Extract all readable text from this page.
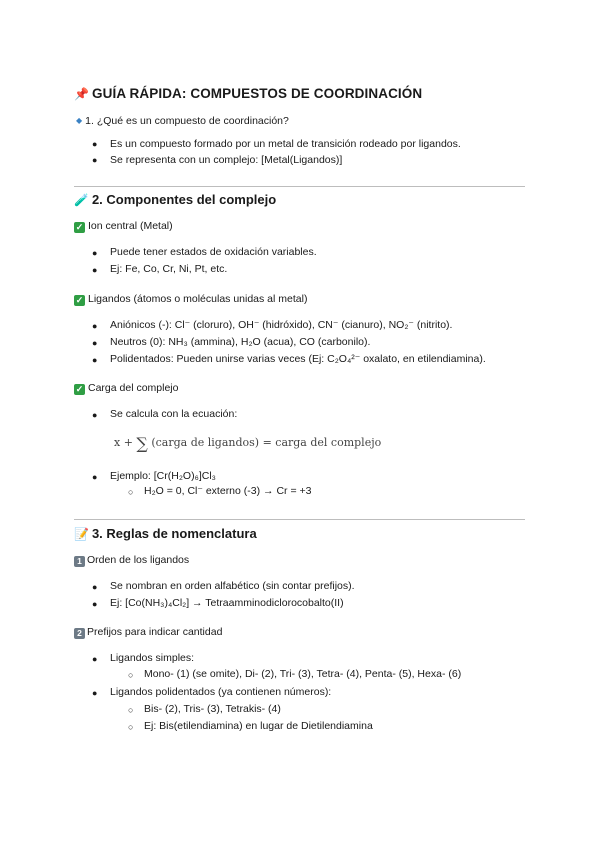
📌 GUÍA RÁPIDA: COMPUESTOS DE COORDINACIÓN
◆ 1. ¿Qué es un compuesto de coordinación?
● Es un compuesto formado por un metal de transición rodeado por ligandos.
● Se representa con un complejo: [Metal(Ligandos)]
🧪 2. Componentes del complejo
✓ Ion central (Metal)
● Puede tener estados de oxidación variables.
● Ej: Fe, Co, Cr, Ni, Pt, etc.
✓ Ligandos (átomos o moléculas unidas al metal)
● Aniónicos (-): Cl⁻ (cloruro), OH⁻ (hidróxido), CN⁻ (cianuro), NO₂⁻ (nitrito).
● Neutros (0): NH₃ (ammina), H₂O (acua), CO (carbonilo).
● Polidentados: Pueden unirse varias veces (Ej: C₂O₄²⁻ oxalato, en etilendiamina).
✓ Carga del complejo
● Se calcula con la ecuación:
x + ∑ (carga de ligandos) = carga del complejo
● Ejemplo: [Cr(H₂O)₆]Cl₃
○ H₂O = 0, Cl⁻ externo (-3) → Cr = +3
📝 3. Reglas de nomenclatura
1 Orden de los ligandos
● Se nombran en orden alfabético (sin contar prefijos).
● Ej: [Co(NH₃)₄Cl₂] → Tetraamminodiclorocobalto(II)
2 Prefijos para indicar cantidad
● Ligandos simples:
○ Mono- (1) (se omite), Di- (2), Tri- (3), Tetra- (4), Penta- (5), Hexa- (6)
● Ligandos polidentados (ya contienen números):
○ Bis- (2), Tris- (3), Tetrakis- (4)
○ Ej: Bis(etilendiamina) en lugar de Dietilendiamina
